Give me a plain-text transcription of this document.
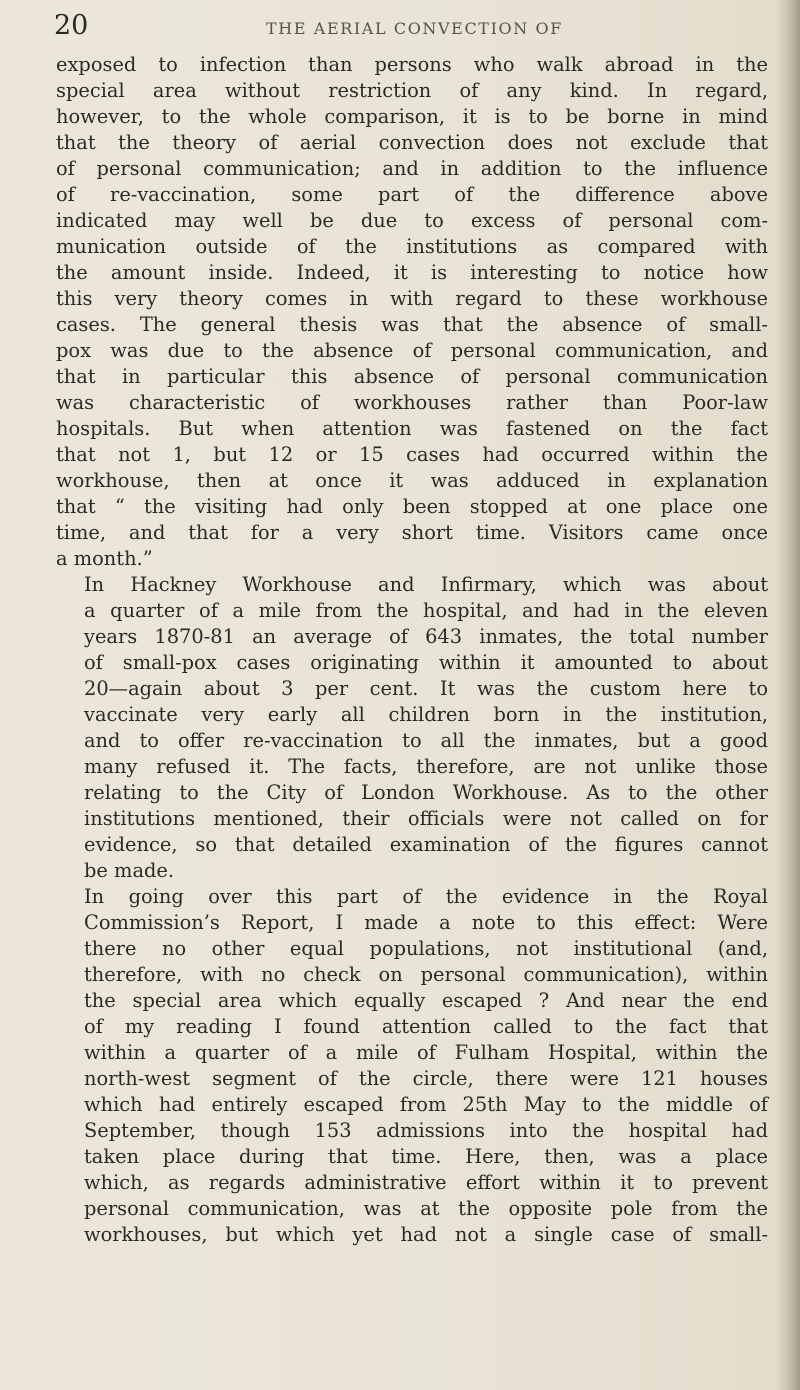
20	THE AERIAL CONVECTION OF

exposed to infection than persons who walk abroad in the
special area without restriction of any kind. In regard,
however, to the whole comparison, it is to be borne in mind
that the theory of aerial convection does not exclude that
of personal communication; and in addition to the influence
of re-vaccination, some part of the difference above
indicated may well be due to excess of personal com-
munication outside of the institutions as compared with
the amount inside. Indeed, it is interesting to notice how
this very theory comes in with regard to these workhouse
cases. The general thesis was that the absence of small-
pox was due to the absence of personal communication, and
that in particular this absence of personal communication
was characteristic of workhouses rather than Poor-law
hospitals. But when attention was fastened on the fact
that not 1, but 12 or 15 cases had occurred within the
workhouse, then at once it was adduced in explanation
that “ the visiting had only been stopped at one place one
time, and that for a very short time. Visitors came once
a month.”

In Hackney Workhouse and Infirmary, which was about
a quarter of a mile from the hospital, and had in the eleven
years 1870-81 an average of 643 inmates, the total number
of small-pox cases originating within it amounted to about
20—again about 3 per cent. It was the custom here to
vaccinate very early all children born in the institution,
and to offer re-vaccination to all the inmates, but a good
many refused it. The facts, therefore, are not unlike those
relating to the City of London Workhouse. As to the other
institutions mentioned, their officials were not called on for
evidence, so that detailed examination of the figures cannot
be made.

In going over this part of the evidence in the Royal
Commission’s Report, I made a note to this effect: Were
there no other equal populations, not institutional (and,
therefore, with no check on personal communication), within
the special area which equally escaped ? And near the end
of my reading I found attention called to the fact that
within a quarter of a mile of Fulham Hospital, within the
north-west segment of the circle, there were 121 houses
which had entirely escaped from 25th May to the middle of
September, though 153 admissions into the hospital had
taken place during that time. Here, then, was a place
which, as regards administrative effort within it to prevent
personal communication, was at the opposite pole from the
workhouses, but which yet had not a single case of small-
